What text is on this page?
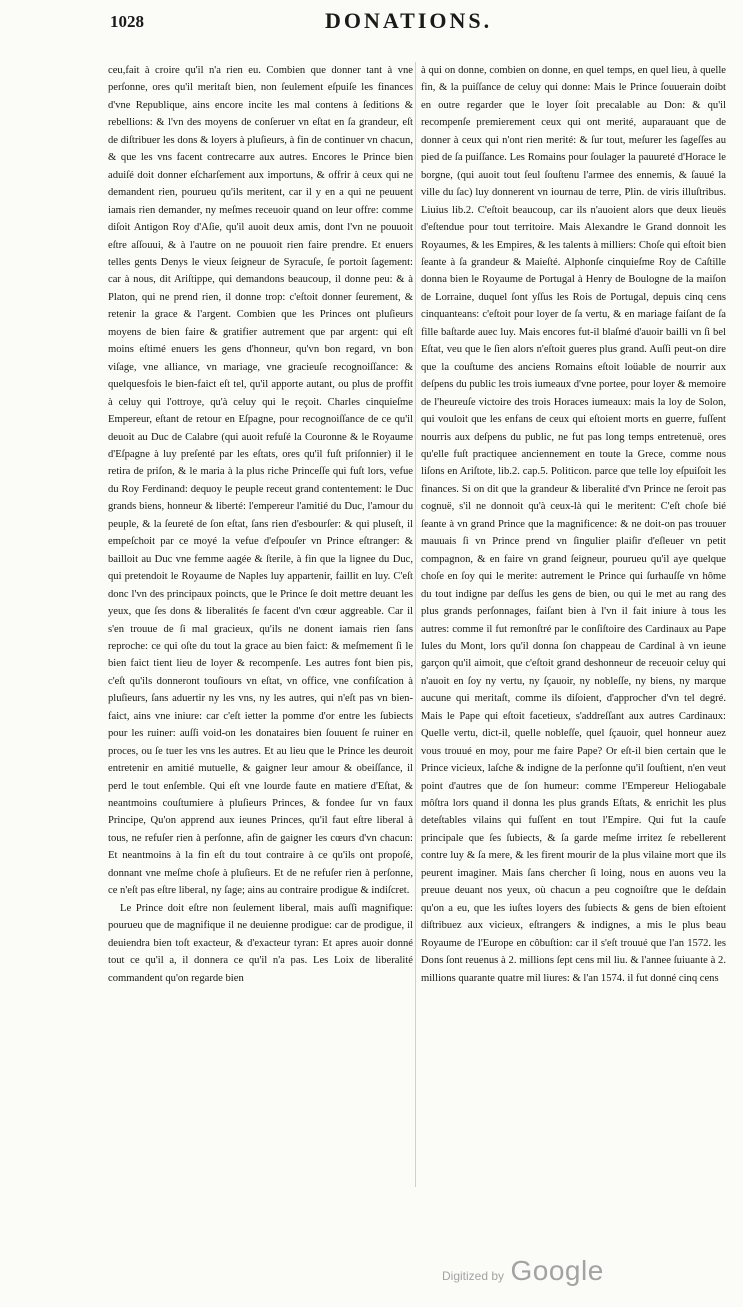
1028	DONATIONS.

ceu,fait à croire qu'il n'a rien eu. Combien que donner tant à vne perſonne, ores qu'il meritaſt bien, non ſeulement eſpuiſe les finances d'vne Republique, ains encore incite les mal contens à ſeditions & rebellions: & l'vn des moyens de conſeruer vn eſtat en ſa grandeur, eſt de diſtribuer les dons & loyers à pluſieurs, à fin de continuer vn chacun, & que les vns facent contrecarre aux autres. Encores le Prince bien aduiſé doit donner eſcharſement aux importuns, & offrir à ceux qui ne demandent rien, pourueu qu'ils meritent, car il y en a qui ne peuuent iamais rien demander, ny meſmes receuoir quand on leur offre: comme diſoit Antigon Roy d'Aſie, qu'il auoit deux amis, dont l'vn ne pouuoit eſtre aſſouui, & à l'autre on ne pouuoit rien faire prendre. Et enuers telles gents Denys le vieux ſeigneur de Syracuſe, ſe portoit ſagement: car à nous, dit Ariſtippe, qui demandons beaucoup, il donne peu: & à Platon, qui ne prend rien, il donne trop: c'eſtoit donner ſeurement, & retenir la grace & l'argent. Combien que les Princes ont pluſieurs moyens de bien faire & gratifier autrement que par argent: qui eſt moins eſtimé enuers les gens d'honneur, qu'vn bon regard, vn bon viſage, vne alliance, vn mariage, vne gracieuſe recognoiſſance: & quelquesfois le bien-faict eſt tel, qu'il apporte autant, ou plus de proffit à celuy qui l'ottroye, qu'à celuy qui le reçoit. Charles cinquieſme Empereur, eſtant de retour en Eſpagne, pour recognoiſſance de ce qu'il deuoit au Duc de Calabre (qui auoit refuſé la Couronne & le Royaume d'Eſpagne à luy preſenté par les eſtats, ores qu'il fuſt priſonnier) il le retira de priſon, & le maria à la plus riche Princeſſe qui fuſt lors, vefue du Roy Ferdinand: dequoy le peuple receut grand contentement: le Duc grands biens, honneur & liberté: l'empereur l'amitié du Duc, l'amour du peuple, & la ſeureté de ſon eſtat, ſans rien d'esbourſer: & qui pluseſt, il empeſchoit par ce moyé la vefue d'eſpouſer vn Prince eſtranger: & bailloit au Duc vne femme aagée & ſterile, à fin que la lignee du Duc, qui pretendoit le Royaume de Naples luy appartenir, faillit en luy. C'eſt donc l'vn des principaux poincts, que le Prince ſe doit mettre deuant les yeux, que ſes dons & liberalités ſe facent d'vn cœur aggreable. Car il s'en trouue de ſi mal gracieux, qu'ils ne donent iamais rien ſans reproche: ce qui oſte du tout la grace au bien faict: & meſmement ſi le bien faict tient lieu de loyer & recompenſe. Les autres font bien pis, c'eſt qu'ils donneront touſiours vn eſtat, vn office, vne confiſcation à pluſieurs, ſans aduertir ny les vns, ny les autres, qui n'eſt pas vn bien-faict, ains vne iniure: car c'eſt ietter la pomme d'or entre les ſubiects pour les ruiner: auſſi void-on les donataires bien ſouuent ſe ruiner en proces, ou ſe tuer les vns les autres. Et au lieu que le Prince les deuroit entretenir en amitié mutuelle, & gaigner leur amour & obeiſſance, il perd le tout enſemble. Qui eſt vne lourde faute en matiere d'Eſtat, & neantmoins couſtumiere à pluſieurs Princes, & fondee ſur vn faux Principe, Qu'on apprend aux ieunes Princes, qu'il faut eſtre liberal à tous, ne refuſer rien à perſonne, afin de gaigner les cœurs d'vn chacun: Et neantmoins à la fin eſt du tout contraire à ce qu'ils ont propoſé, donnant vne meſme choſe à pluſieurs. Et de ne refuſer rien à perſonne, ce n'eſt pas eſtre liberal, ny ſage; ains au contraire prodigue & indiſcret.

Le Prince doit eſtre non ſeulement liberal, mais auſſi magnifique: pourueu que de magnifique il ne deuienne prodigue: car de prodigue, il deuiendra bien toſt exacteur, & d'exacteur tyran: Et apres auoir donné tout ce qu'il a, il donnera ce qu'il n'a pas. Les Loix de liberalité commandent qu'on regarde bien

à qui on donne, combien on donne, en quel temps, en quel lieu, à quelle fin, & la puiſſance de celuy qui donne: Mais le Prince ſouuerain doibt en outre regarder que le loyer ſoit precalable au Don: & qu'il recompenſe premierement ceux qui ont merité, auparauant que de donner à ceux qui n'ont rien merité: & ſur tout, meſurer les ſageſſes au pied de ſa puiſſance. Les Romains pour ſoulager la pauureté d'Horace le borgne, (qui auoit tout ſeul ſouſtenu l'armee des ennemis, & ſauué la ville du ſac) luy donnerent vn iournau de terre, Plin. de viris illuſtribus. Liuius lib.2. C'eſtoit beaucoup, car ils n'auoient alors que deux lieuës d'eſtendue pour tout territoire. Mais Alexandre le Grand donnoit les Royaumes, & les Empires, & les talents à milliers: Choſe qui eſtoit bien ſeante à ſa grandeur & Maieſté. Alphonſe cinquieſme Roy de Caſtille donna bien le Royaume de Portugal à Henry de Boulogne de la maiſon de Lorraine, duquel ſont yſſus les Rois de Portugal, depuis cinq cens cinquanteans: c'eſtoit pour loyer de ſa vertu, & en mariage faiſant de ſa fille baſtarde auec luy. Mais encores fut-il blaſmé d'auoir bailli vn ſi bel Eſtat, veu que le ſien alors n'eſtoit gueres plus grand. Auſſi peut-on dire que la couſtume des anciens Romains eſtoit loüable de nourrir aux deſpens du public les trois iumeaux d'vne portee, pour loyer & memoire de l'heureuſe victoire des trois Horaces iumeaux: mais la loy de Solon, qui vouloit que les enfans de ceux qui eſtoient morts en guerre, fuſſent nourris aux deſpens du public, ne fut pas long temps entretenuë, ores qu'elle fuſt practiquee anciennement en toute la Grece, comme nous liſons en Ariſtote, lib.2. cap.5. Politicon. parce que telle loy eſpuiſoit les finances. Si on dit que la grandeur & liberalité d'vn Prince ne ſeroit pas cognuë, s'il ne donnoit qu'à ceux-là qui le meritent: C'eſt choſe bié ſeante à vn grand Prince que la magnificence: & ne doit-on pas trouuer mauuais ſi vn Prince prend vn ſingulier plaiſir d'eſleuer vn petit compagnon, & en faire vn grand ſeigneur, pourueu qu'il aye quelque choſe en ſoy qui le merite: autrement le Prince qui ſurhauſſe vn hôme du tout indigne par deſſus les gens de bien, ou qui le met au rang des plus grands perſonnages, faiſant bien à l'vn il fait iniure à tous les autres: comme il fut remonſtré par le conſiſtoire des Cardinaux au Pape Iules du Mont, lors qu'il donna ſon chappeau de Cardinal à vn ieune garçon qu'il aimoit, que c'eſtoit grand deshonneur de receuoir celuy qui n'auoit en ſoy ny vertu, ny ſçauoir, ny nobleſſe, ny biens, ny marque aucune qui meritaſt, comme ils diſoient, d'approcher d'vn tel degré. Mais le Pape qui eſtoit facetieux, s'addreſſant aux autres Cardinaux: Quelle vertu, dict-il, quelle nobleſſe, quel ſçauoir, quel honneur auez vous trouué en moy, pour me faire Pape? Or eſt-il bien certain que le Prince vicieux, laſche & indigne de la perſonne qu'il ſouſtient, n'en veut point d'autres que de ſon humeur: comme l'Empereur Heliogabale môſtra lors quand il donna les plus grands Eſtats, & enrichit les plus deteſtables vilains qui fuſſent en tout l'Empire. Qui fut la cauſe principale que ſes ſubiects, & ſa garde meſme irritez ſe rebellerent contre luy & ſa mere, & les firent mourir de la plus vilaine mort que ils peurent imaginer. Mais ſans chercher ſi loing, nous en auons veu la preuue deuant nos yeux, où chacun a peu cognoiſtre que le deſdain qu'on a eu, que les iuſtes loyers des ſubiects & gens de bien eſtoient diſtribuez aux vicieux, eſtrangers & indignes, a mis le plus beau Royaume de l'Europe en côbuſtion: car il s'eſt trouué que l'an 1572. les Dons ſont reuenus à 2. millions ſept cens mil liu. & l'annee ſuiuante à 2. millions quarante quatre mil liures: & l'an 1574. il fut donné cinq cens

Digitized by Google
